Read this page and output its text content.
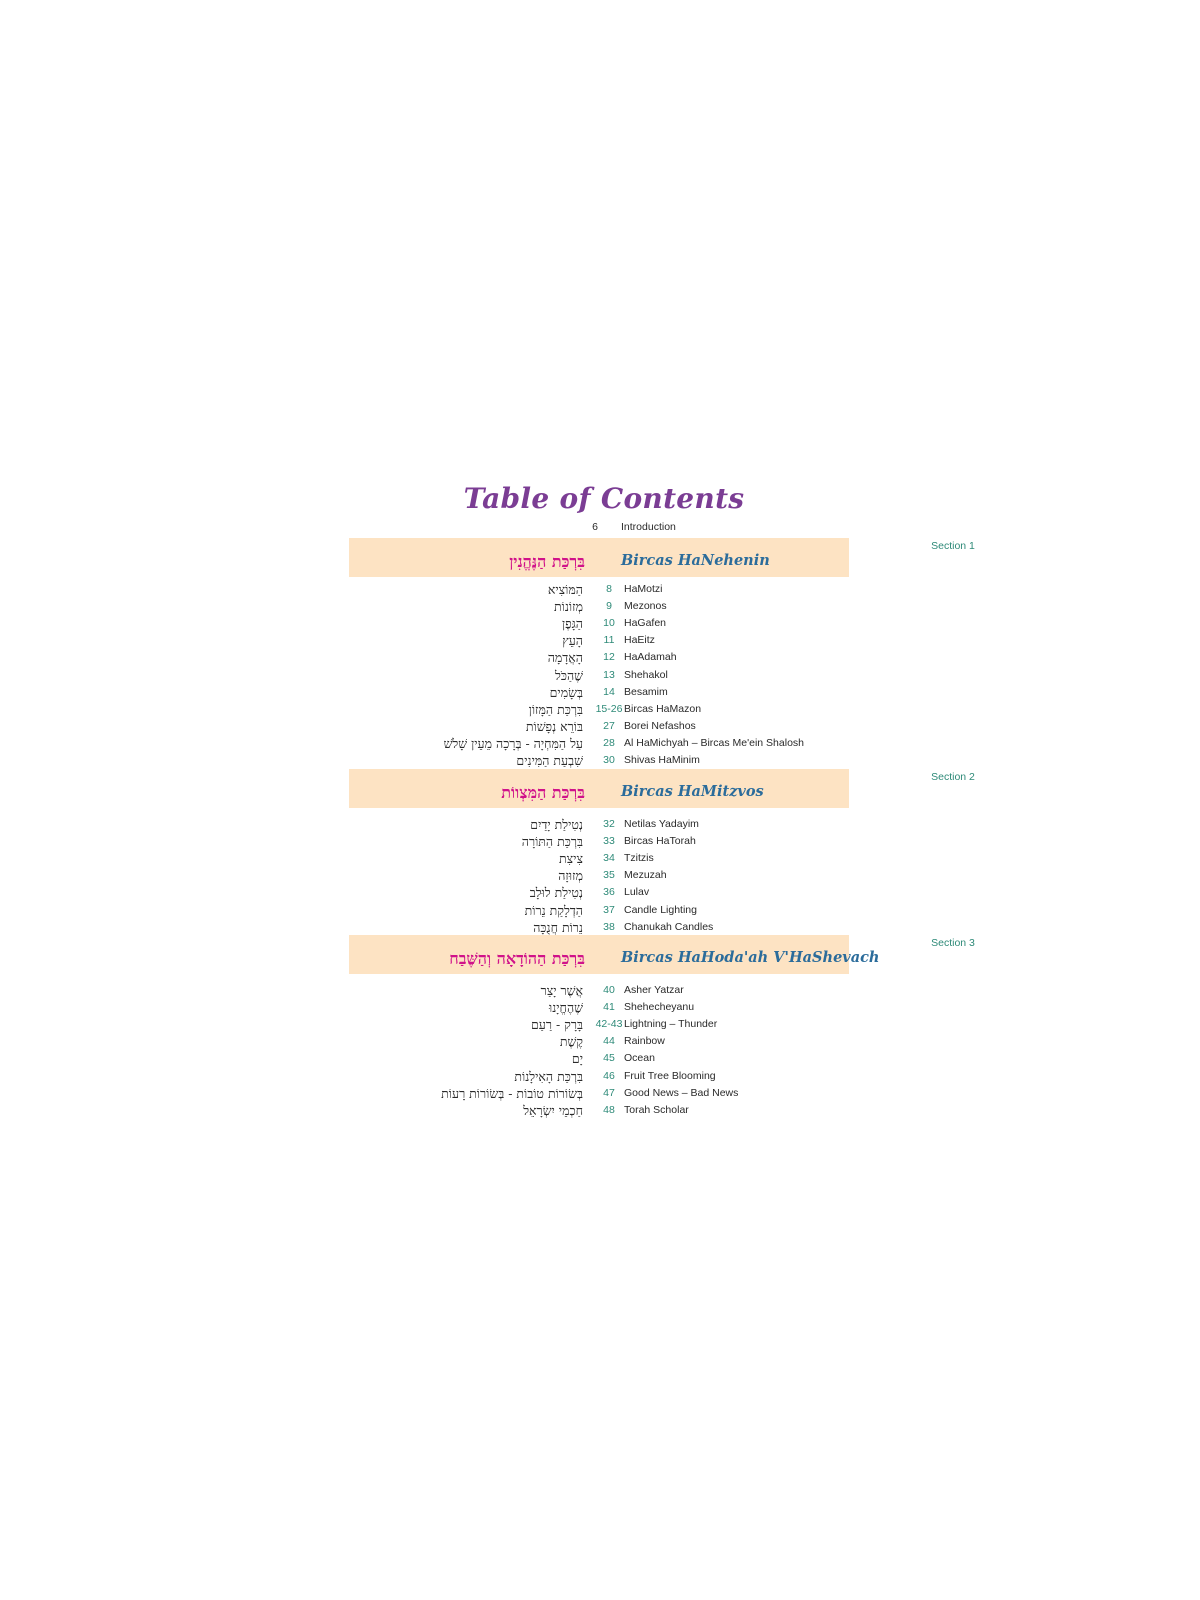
Table of Contents
6	Introduction
Section 1
בִּרְכַּת הַנֶּהֱנִין Bircas HaNehenin
הַמּוֹצִיא	8	HaMotzi
מְזוֹנוֹת	9	Mezonos
הַגָּפֶן	10 HaGafen
הָעֵץ	11 HaEitz
הָאֲדָמָה	12 HaAdamah
שֶׁהַכֹּל	13 Shehakol
בְּשָׂמִים	14 Besamim
בִּרְכַּת הַמָּזוֹן	15-26 Bircas HaMazon
בּוֹרֵא נְפָשׁוֹת	27 Borei Nefashos
עַל הַמִּחְיָה - בְּרָכָה מֵעֵין שָׁלֹשׁ	28 Al HaMichyah – Bircas Me'ein Shalosh
שִׁבְעַת הַמִּינִים	30 Shivas HaMinim
Section 2
בִּרְכַּת הַמִּצְווֹת Bircas HaMitzvos
נְטִילַת יָדַיִם	32 Netilas Yadayim
בִּרְכַּת הַתּוֹרָה	33 Bircas HaTorah
צִיצִת	34 Tzitzis
מְזוּזָה	35 Mezuzah
נְטִילַת לוּלָב	36 Lulav
הַדְלָקַת נֵרוֹת	37 Candle Lighting
נֵרוֹת חֲנֻכָּה	38 Chanukah Candles
Section 3
בִּרְכַּת הַהוֹדָאָה וְהַשֶּׁבַח Bircas HaHoda'ah V'HaShevach
אֲשֶׁר יָצַר	40 Asher Yatzar
שֶׁהֶחֱיָנוּ	41 Shehecheyanu
בָּרָק - רַעַם	42-43 Lightning – Thunder
קֶשֶׁת	44 Rainbow
יָם	45 Ocean
בִּרְכַּת הָאִילָנוֹת	46 Fruit Tree Blooming
בְּשׂוֹרוֹת טוֹבוֹת - בְּשׂוֹרוֹת רָעוֹת	47 Good News – Bad News
חַכְמֵי יִשְׂרָאֵל	48 Torah Scholar
